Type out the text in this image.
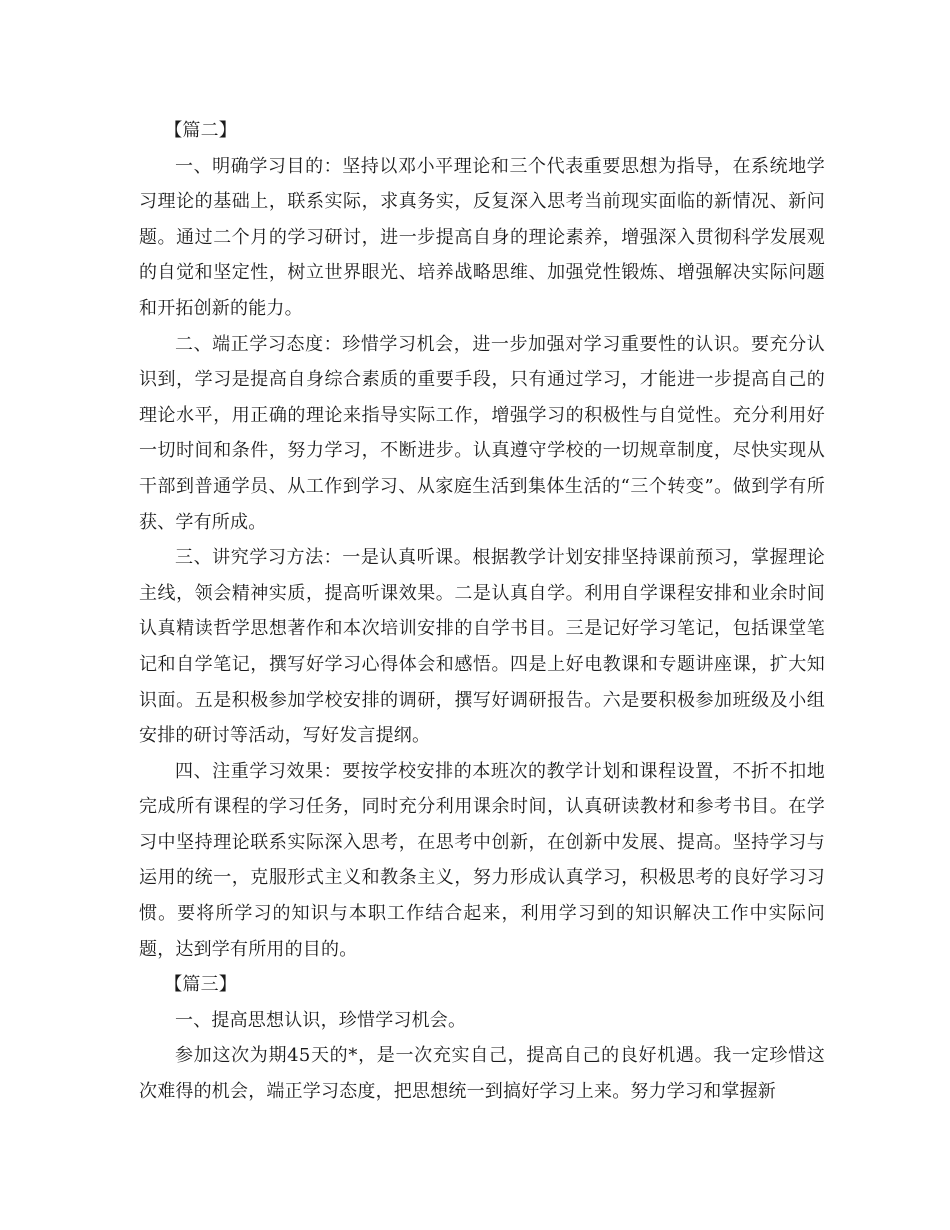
【篇二】

一、明确学习目的：坚持以邓小平理论和三个代表重要思想为指导，在系统地学习理论的基础上，联系实际，求真务实，反复深入思考当前现实面临的新情况、新问题。通过二个月的学习研讨，进一步提高自身的理论素养，增强深入贯彻科学发展观的自觉和坚定性，树立世界眼光、培养战略思维、加强党性锻炼、增强解决实际问题和开拓创新的能力。

二、端正学习态度：珍惜学习机会，进一步加强对学习重要性的认识。要充分认识到，学习是提高自身综合素质的重要手段，只有通过学习，才能进一步提高自己的理论水平，用正确的理论来指导实际工作，增强学习的积极性与自觉性。充分利用好一切时间和条件，努力学习，不断进步。认真遵守学校的一切规章制度，尽快实现从干部到普通学员、从工作到学习、从家庭生活到集体生活的“三个转变”。做到学有所获、学有所成。

三、讲究学习方法：一是认真听课。根据教学计划安排坚持课前预习，掌握理论主线，领会精神实质，提高听课效果。二是认真自学。利用自学课程安排和业余时间认真精读哲学思想著作和本次培训安排的自学书目。三是记好学习笔记，包括课堂笔记和自学笔记，撰写好学习心得体会和感悟。四是上好电教课和专题讲座课，扩大知识面。五是积极参加学校安排的调研，撰写好调研报告。六是要积极参加班级及小组安排的研讨等活动，写好发言提纲。

四、注重学习效果：要按学校安排的本班次的教学计划和课程设置，不折不扣地完成所有课程的学习任务，同时充分利用课余时间，认真研读教材和参考书目。在学习中坚持理论联系实际深入思考，在思考中创新，在创新中发展、提高。坚持学习与运用的统一，克服形式主义和教条主义，努力形成认真学习，积极思考的良好学习习惯。要将所学习的知识与本职工作结合起来，利用学习到的知识解决工作中实际问题，达到学有所用的目的。

【篇三】

一、提高思想认识，珍惜学习机会。

参加这次为期45天的*，是一次充实自己，提高自己的良好机遇。我一定珍惜这次难得的机会，端正学习态度，把思想统一到搞好学习上来。努力学习和掌握新
